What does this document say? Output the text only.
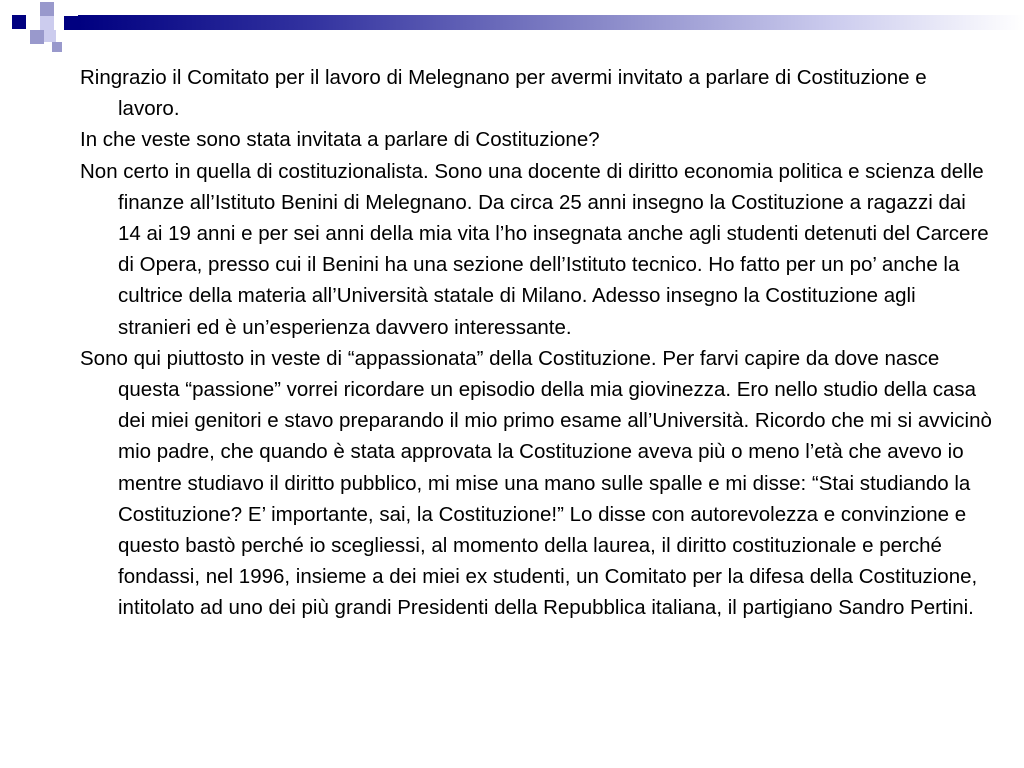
Ringrazio il Comitato per il lavoro di Melegnano per avermi invitato a parlare di Costituzione e lavoro.

In che veste sono stata invitata a parlare di Costituzione?

Non certo in quella di costituzionalista. Sono una docente di diritto economia politica e scienza delle finanze all’Istituto Benini di Melegnano. Da circa 25 anni insegno la Costituzione a ragazzi dai 14 ai 19 anni e per sei anni della mia vita l’ho insegnata anche agli studenti detenuti del Carcere di Opera, presso cui il Benini ha una sezione dell’Istituto tecnico. Ho fatto per un po’ anche la cultrice della materia all’Università statale di Milano. Adesso insegno la Costituzione agli stranieri ed è un’esperienza davvero interessante.

Sono qui piuttosto in veste di “appassionata” della Costituzione. Per farvi capire da dove nasce questa “passione” vorrei ricordare un episodio della mia giovinezza. Ero nello studio della casa dei miei genitori e stavo preparando il mio primo esame all’Università. Ricordo che mi si avvicinò mio padre, che quando è stata approvata la Costituzione aveva più o meno l’età che avevo io mentre studiavo il diritto pubblico, mi mise una mano sulle spalle e mi disse: “Stai studiando la Costituzione? E’ importante, sai, la Costituzione!” Lo disse con autorevolezza e convinzione e questo bastò perché io scegliessi, al momento della laurea, il diritto costituzionale e perché fondassi, nel 1996, insieme a dei miei ex studenti, un Comitato per la difesa della Costituzione, intitolato ad uno dei più grandi Presidenti della Repubblica italiana, il partigiano Sandro Pertini.
